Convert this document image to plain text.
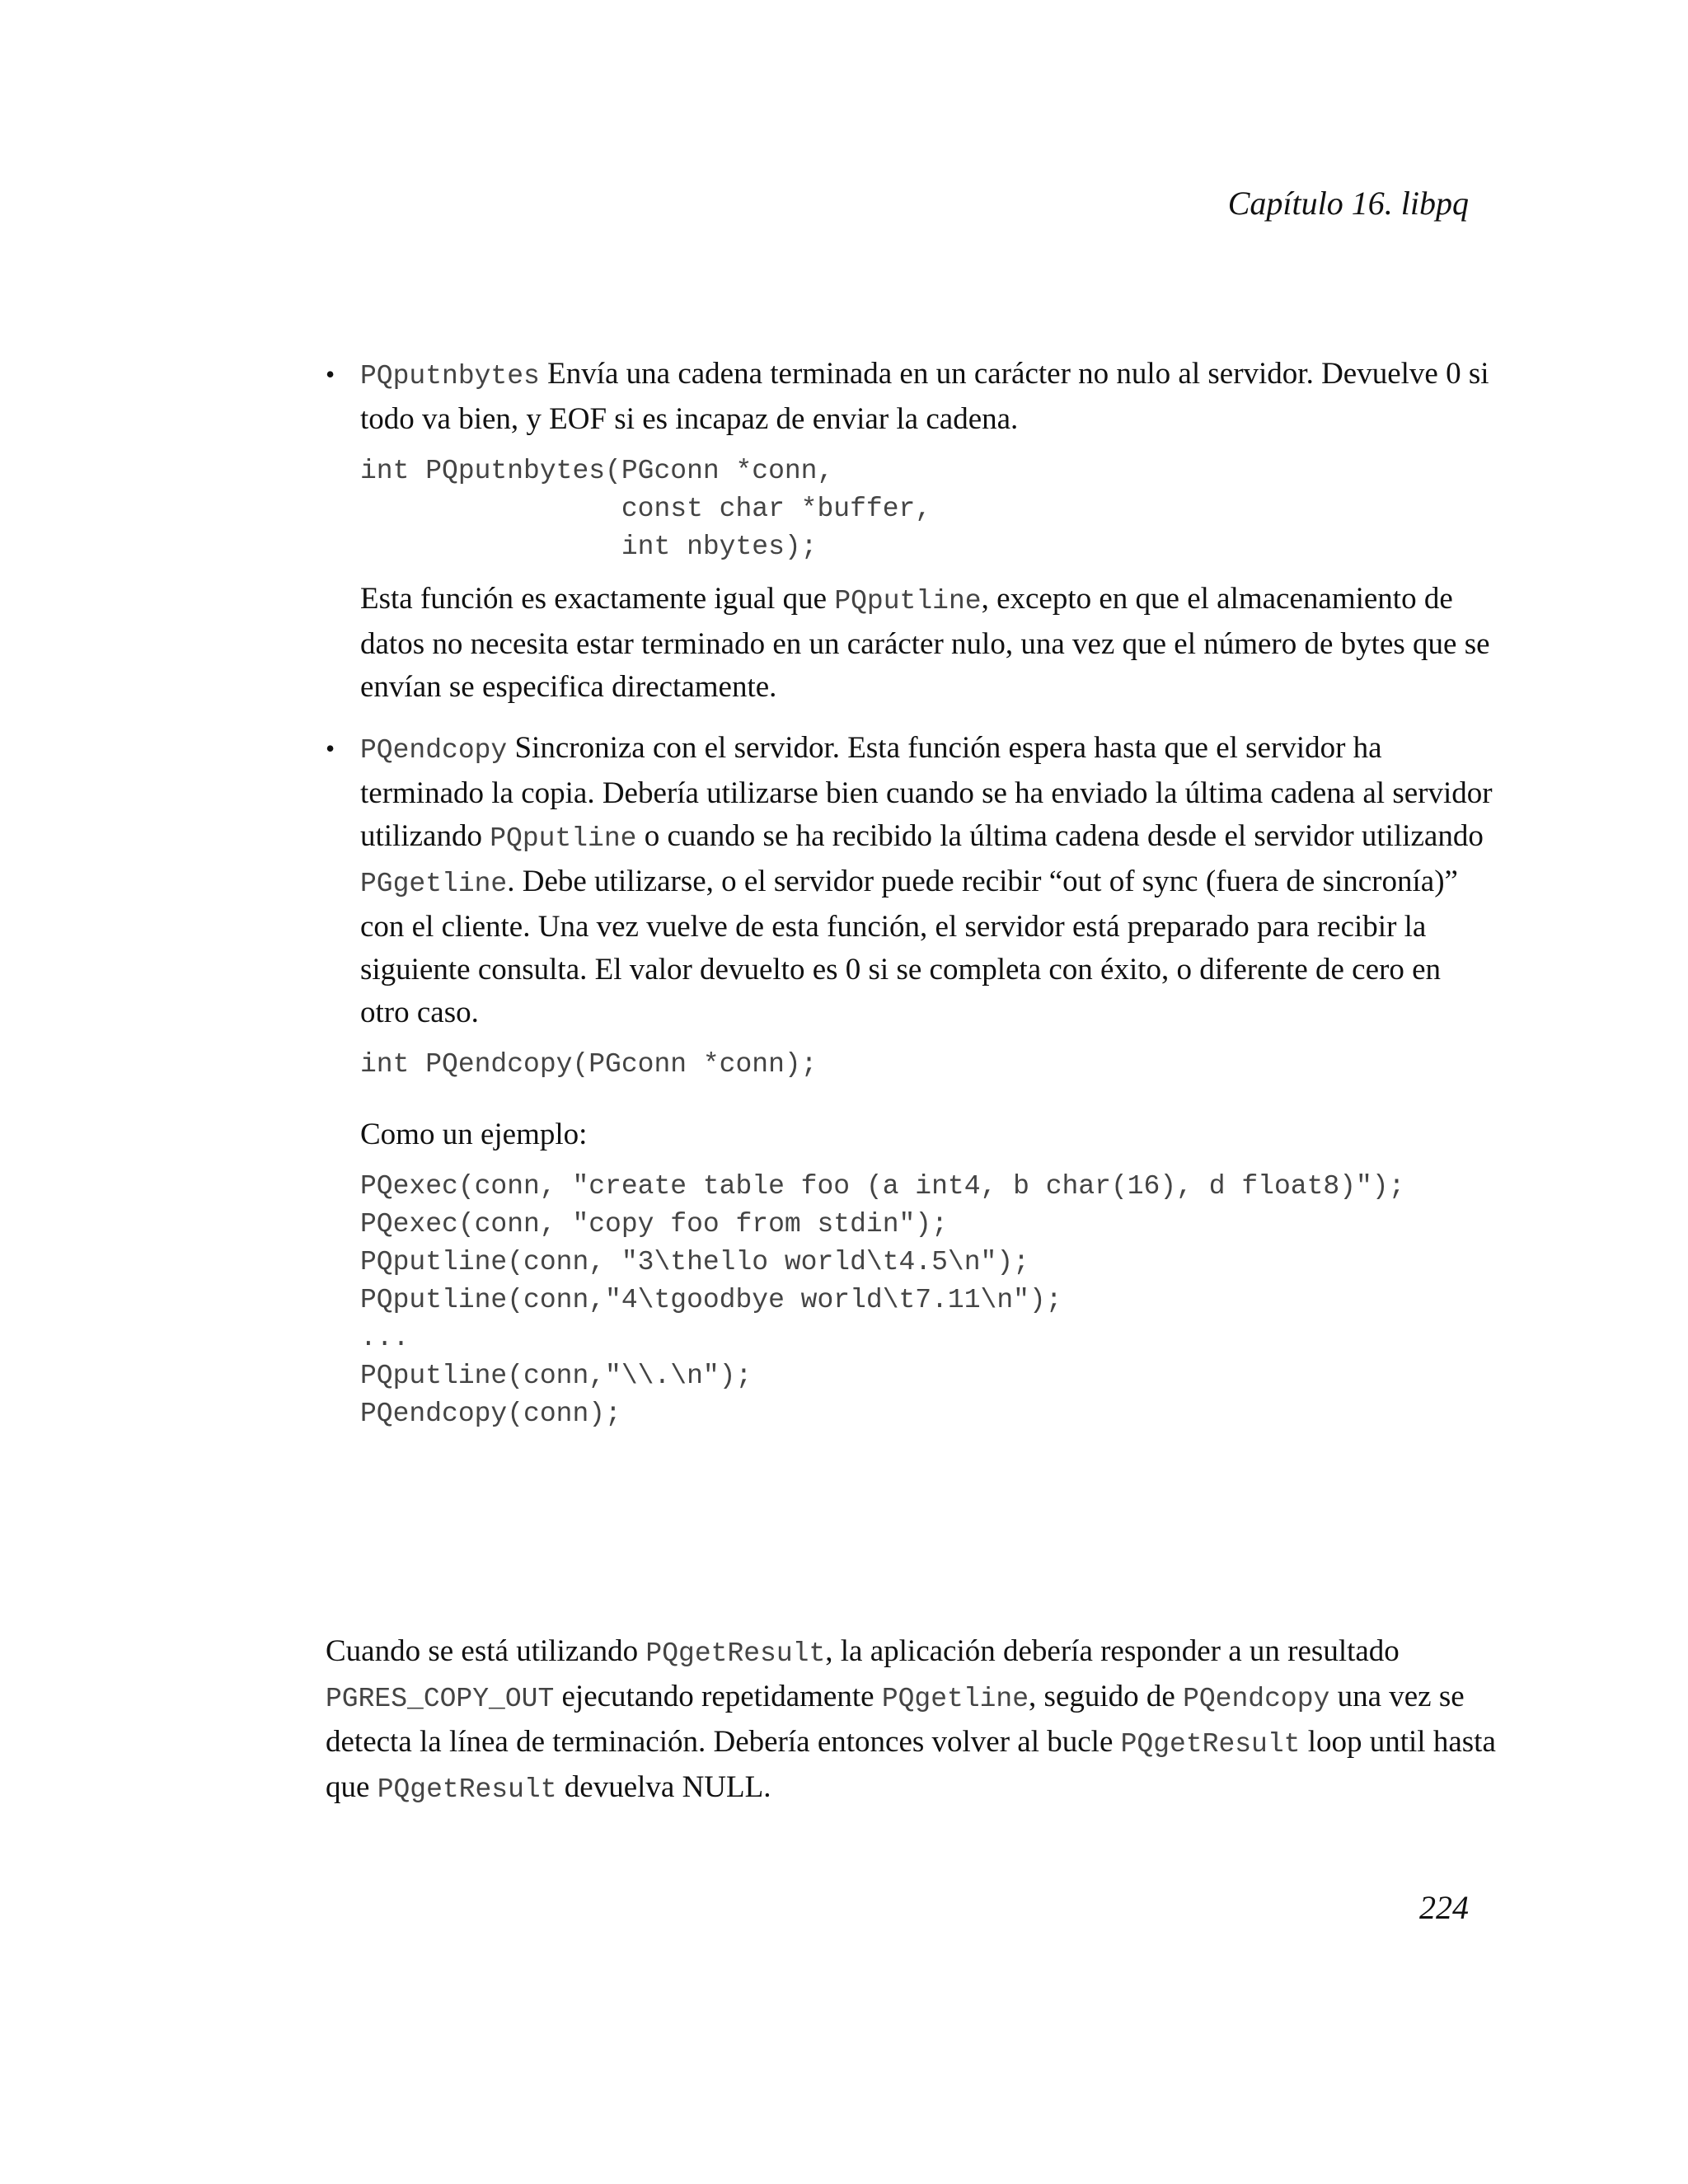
Capítulo 16. libpq
• PQputnbytes Envía una cadena terminada en un carácter no nulo al servidor. Devuelve 0 si todo va bien, y EOF si es incapaz de enviar la cadena.

int PQputnbytes(PGconn *conn,
const char *buffer,
int nbytes);

Esta función es exactamente igual que PQputline, excepto en que el almacenamiento de datos no necesita estar terminado en un carácter nulo, una vez que el número de bytes que se envían se especifica directamente.

• PQendcopy Sincroniza con el servidor. Esta función espera hasta que el servidor ha terminado la copia. Debería utilizarse bien cuando se ha enviado la última cadena al servidor utilizando PQputline o cuando se ha recibido la última cadena desde el servidor utilizando PGgetline. Debe utilizarse, o el servidor puede recibir “out of sync (fuera de sincronía)” con el cliente. Una vez vuelve de esta función, el servidor está preparado para recibir la siguiente consulta. El valor devuelto es 0 si se completa con éxito, o diferente de cero en otro caso.

int PQendcopy(PGconn *conn);

Como un ejemplo:

PQexec(conn, "create table foo (a int4, b char(16), d float8)");
PQexec(conn, "copy foo from stdin");
PQputline(conn, "3\thello world\t4.5\n");
PQputline(conn,"4\tgoodbye world\t7.11\n");
...
PQputline(conn,"\\.\n");
PQendcopy(conn);

Cuando se está utilizando PQgetResult, la aplicación debería responder a un resultado PGRES_COPY_OUT ejecutando repetidamente PQgetline, seguido de PQendcopy una vez se detecta la línea de terminación. Debería entonces volver al bucle PQgetResult loop until hasta que PQgetResult devuelva NULL.

224
